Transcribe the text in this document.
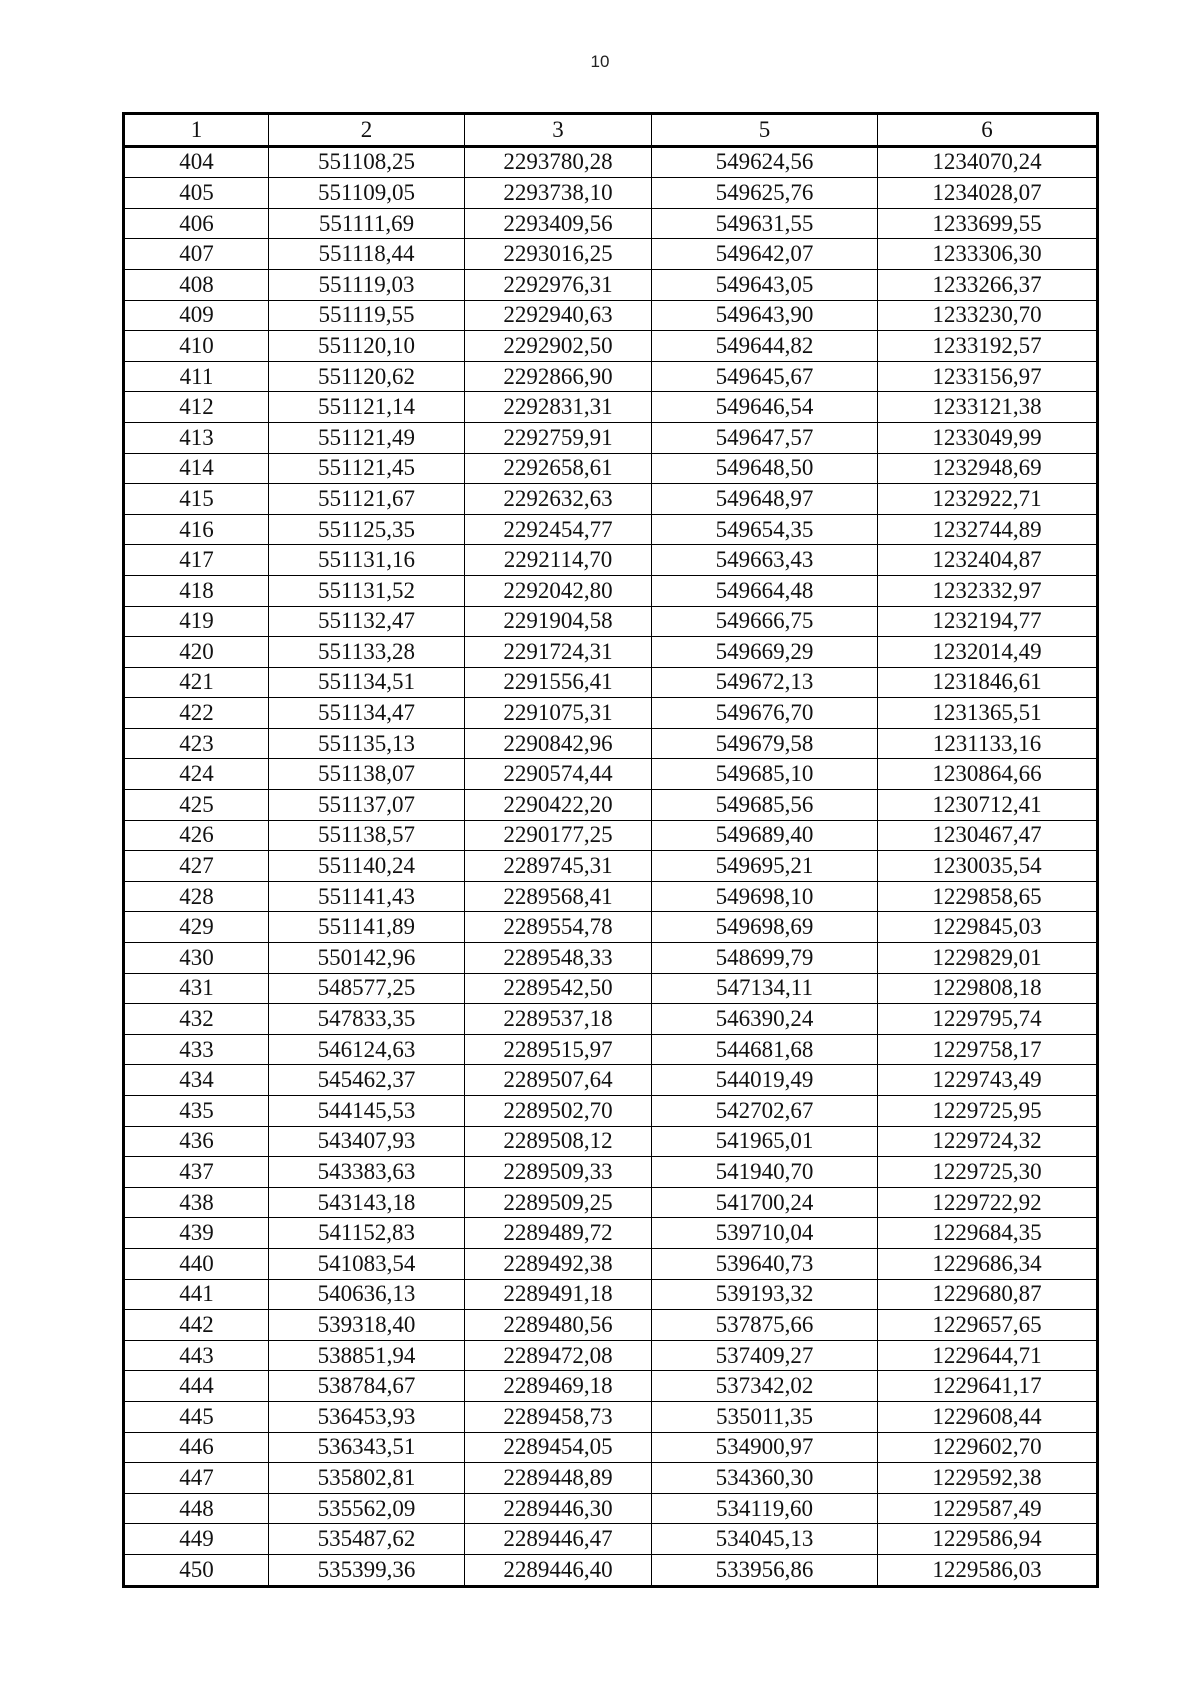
10
1	2	3	5	6
404	551108,25	2293780,28	549624,56	1234070,24
405	551109,05	2293738,10	549625,76	1234028,07
406	551111,69	2293409,56	549631,55	1233699,55
407	551118,44	2293016,25	549642,07	1233306,30
408	551119,03	2292976,31	549643,05	1233266,37
409	551119,55	2292940,63	549643,90	1233230,70
410	551120,10	2292902,50	549644,82	1233192,57
411	551120,62	2292866,90	549645,67	1233156,97
412	551121,14	2292831,31	549646,54	1233121,38
413	551121,49	2292759,91	549647,57	1233049,99
414	551121,45	2292658,61	549648,50	1232948,69
415	551121,67	2292632,63	549648,97	1232922,71
416	551125,35	2292454,77	549654,35	1232744,89
417	551131,16	2292114,70	549663,43	1232404,87
418	551131,52	2292042,80	549664,48	1232332,97
419	551132,47	2291904,58	549666,75	1232194,77
420	551133,28	2291724,31	549669,29	1232014,49
421	551134,51	2291556,41	549672,13	1231846,61
422	551134,47	2291075,31	549676,70	1231365,51
423	551135,13	2290842,96	549679,58	1231133,16
424	551138,07	2290574,44	549685,10	1230864,66
425	551137,07	2290422,20	549685,56	1230712,41
426	551138,57	2290177,25	549689,40	1230467,47
427	551140,24	2289745,31	549695,21	1230035,54
428	551141,43	2289568,41	549698,10	1229858,65
429	551141,89	2289554,78	549698,69	1229845,03
430	550142,96	2289548,33	548699,79	1229829,01
431	548577,25	2289542,50	547134,11	1229808,18
432	547833,35	2289537,18	546390,24	1229795,74
433	546124,63	2289515,97	544681,68	1229758,17
434	545462,37	2289507,64	544019,49	1229743,49
435	544145,53	2289502,70	542702,67	1229725,95
436	543407,93	2289508,12	541965,01	1229724,32
437	543383,63	2289509,33	541940,70	1229725,30
438	543143,18	2289509,25	541700,24	1229722,92
439	541152,83	2289489,72	539710,04	1229684,35
440	541083,54	2289492,38	539640,73	1229686,34
441	540636,13	2289491,18	539193,32	1229680,87
442	539318,40	2289480,56	537875,66	1229657,65
443	538851,94	2289472,08	537409,27	1229644,71
444	538784,67	2289469,18	537342,02	1229641,17
445	536453,93	2289458,73	535011,35	1229608,44
446	536343,51	2289454,05	534900,97	1229602,70
447	535802,81	2289448,89	534360,30	1229592,38
448	535562,09	2289446,30	534119,60	1229587,49
449	535487,62	2289446,47	534045,13	1229586,94
450	535399,36	2289446,40	533956,86	1229586,03
